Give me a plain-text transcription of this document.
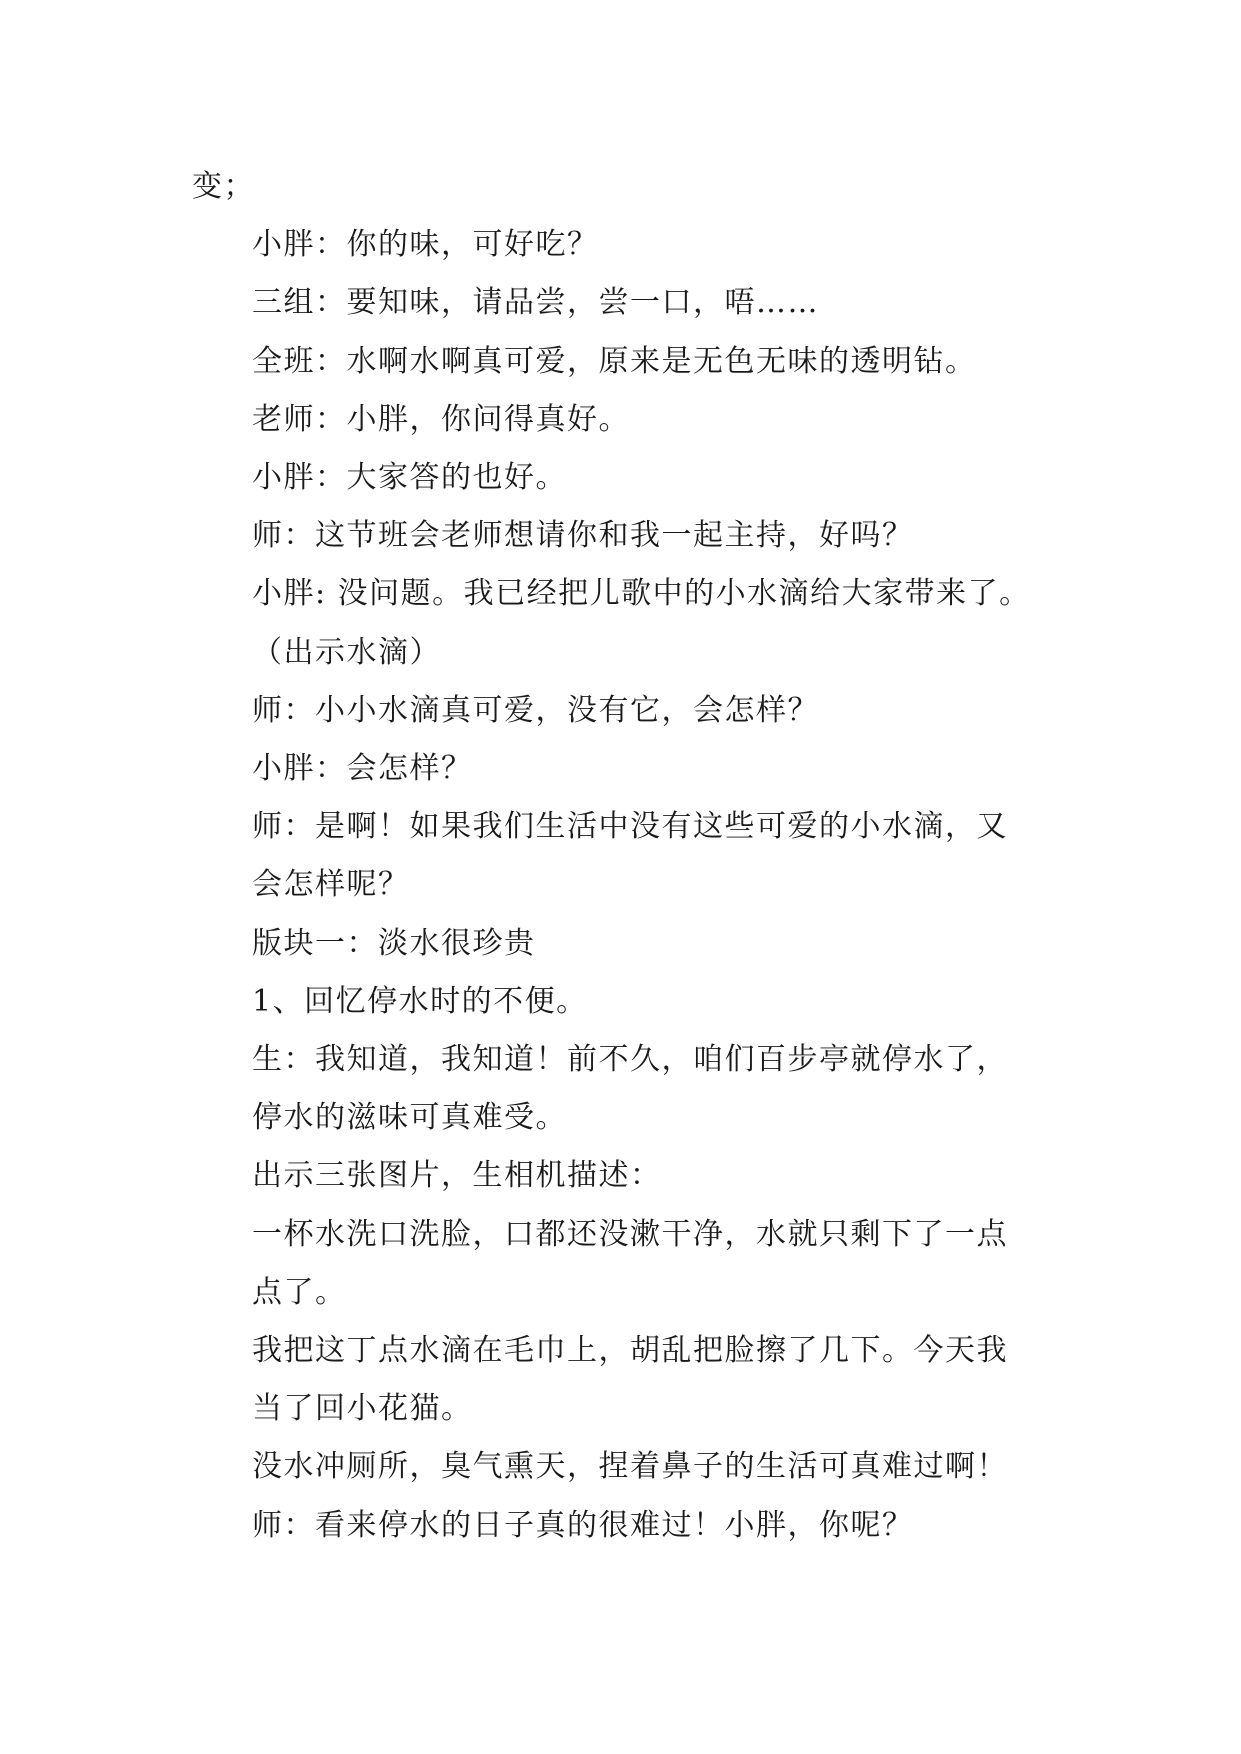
变；

小胖：你的味，可好吃？

三组：要知味，请品尝，尝一口，唔……

全班：水啊水啊真可爱，原来是无色无味的透明钻。

老师：小胖，你问得真好。

小胖：大家答的也好。

师：这节班会老师想请你和我一起主持，好吗？

小胖: 没问题。我已经把儿歌中的小水滴给大家带来了。
（出示水滴）

师：小小水滴真可爱，没有它，会怎样？

小胖：会怎样？

师：是啊！如果我们生活中没有这些可爱的小水滴，又
会怎样呢？

版块一：淡水很珍贵

1、回忆停水时的不便。

生：我知道，我知道！前不久，咱们百步亭就停水了，
停水的滋味可真难受。

出示三张图片，生相机描述：

一杯水洗口洗脸，口都还没漱干净，水就只剩下了一点
点了。

我把这丁点水滴在毛巾上，胡乱把脸擦了几下。今天我
当了回小花猫。

没水冲厕所，臭气熏天，捏着鼻子的生活可真难过啊！

师：看来停水的日子真的很难过！小胖，你呢？
